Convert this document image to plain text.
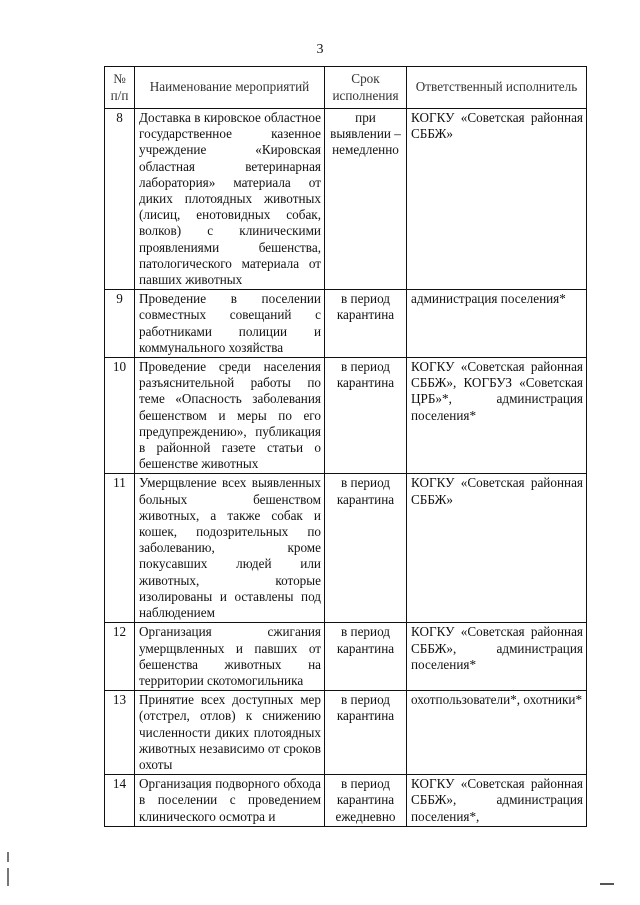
3
№ п/п	Наименование мероприятий	Срок исполнения	Ответственный исполнитель
8	Доставка в кировское областное государственное казенное учреждение «Кировская областная ветеринарная лаборатория» материала от диких плотоядных животных (лисиц, енотовидных собак, волков) с клиническими проявлениями бешенства, патологического материала от павших животных	при выявлении – немедленно	КОГКУ «Советская районная СББЖ»
9	Проведение в поселении совместных совещаний с работниками полиции и коммунального хозяйства	в период карантина	администрация поселения*
10	Проведение среди населения разъяснительной работы по теме «Опасность заболевания бешенством и меры по его предупреждению», публикация в районной газете статьи о бешенстве животных	в период карантина	КОГКУ «Советская районная СББЖ», КОГБУЗ «Советская ЦРБ»*, администрация поселения*
11	Умерщвление всех выявленных больных бешенством животных, а также собак и кошек, подозрительных по заболеванию, кроме покусавших людей или животных, которые изолированы и оставлены под наблюдением	в период карантина	КОГКУ «Советская районная СББЖ»
12	Организация сжигания умерщвленных и павших от бешенства животных на территории скотомогильника	в период карантина	КОГКУ «Советская районная СББЖ», администрация поселения*
13	Принятие всех доступных мер (отстрел, отлов) к снижению численности диких плотоядных животных независимо от сроков охоты	в период карантина	охотпользователи*, охотники*
14	Организация подворного обхода в поселении с проведением клинического осмотра и	в период карантина ежедневно	КОГКУ «Советская районная СББЖ», администрация поселения*,
